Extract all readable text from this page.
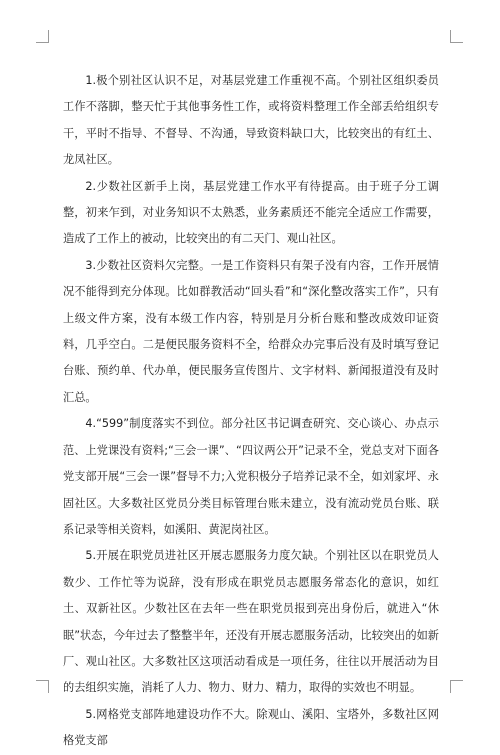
1.极个别社区认识不足，对基层党建工作重视不高。个别社区组织委员工作不落脚，整天忙于其他事务性工作，或将资料整理工作全部丢给组织专干，平时不指导、不督导、不沟通，导致资料缺口大，比较突出的有红土、龙凤社区。

2.少数社区新手上岗，基层党建工作水平有待提高。由于班子分工调整，初来乍到，对业务知识不太熟悉，业务素质还不能完全适应工作需要，造成了工作上的被动，比较突出的有二天门、观山社区。

3.少数社区资料欠完整。一是工作资料只有架子没有内容，工作开展情况不能得到充分体现。比如群教活动“回头看”和“深化整改落实工作”，只有上级文件方案，没有本级工作内容，特别是月分析台账和整改成效印证资料，几乎空白。二是便民服务资料不全，给群众办完事后没有及时填写登记台账、预约单、代办单，便民服务宣传图片、文字材料、新闻报道没有及时汇总。

4.“599”制度落实不到位。部分社区书记调查研究、交心谈心、办点示范、上党课没有资料;“三会一课”、“四议两公开”记录不全，党总支对下面各党支部开展“三会一课”督导不力;入党积极分子培养记录不全，如刘家坪、永固社区。大多数社区党员分类目标管理台账未建立，没有流动党员台账、联系记录等相关资料，如溪阳、黄泥岗社区。

5.开展在职党员进社区开展志愿服务力度欠缺。个别社区以在职党员人数少、工作忙等为说辞，没有形成在职党员志愿服务常态化的意识，如红土、双新社区。少数社区在去年一些在职党员报到亮出身份后，就进入“休眠”状态，今年过去了整整半年，还没有开展志愿服务活动，比较突出的如新厂、观山社区。大多数社区这项活动看成是一项任务，往往以开展活动为目的去组织实施，消耗了人力、物力、财力、精力，取得的实效也不明显。

5.网格党支部阵地建设功作不大。除观山、溪阳、宝塔外，多数社区网格党支部
